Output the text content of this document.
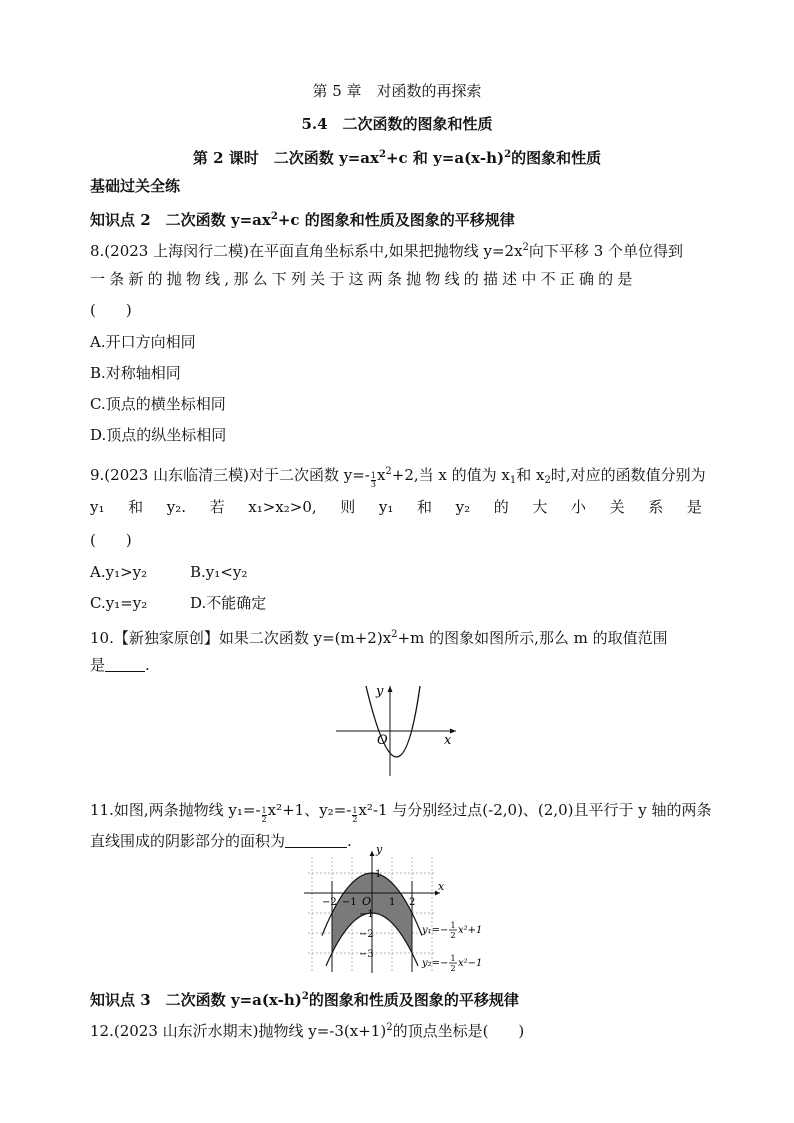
第 5 章　对函数的再探索
5.4　二次函数的图象和性质
第 2 课时　二次函数 $y=ax^2+c$ 和 $y=a(x-h)^2$的图象和性质
基础过关全练
知识点 2　二次函数 $y=ax^2+c$ 的图象和性质及图象的平移规律
8.(2023 上海闵行二模)在平面直角坐标系中,如果把抛物线 $y=2x^2$向下平移 3 个单位得到
一条新的抛物线,那么下列关于这两条抛物线的描述中不正确的是
(　　)
A.开口方向相同
B.对称轴相同
C.顶点的横坐标相同
D.顶点的纵坐标相同
9.(2023 山东临清三模)对于二次函数 $y=- \frac{1}{3} x^2+2$,当 x 的值为 $x_1$和 $x_2$时,对应的函数值分别为
y₁ 和 y₂. 若 x₁>x₂>0, 则 y₁ 和 y₂ 的 大 小 关 系 是
(　　)
A.y₁>y₂	B.y₁<y₂
C.y₁=y₂	D.不能确定
10.【新独家原创】如果二次函数 $y=(m+2)x^2+m$ 的图象如图所示,那么 m 的取值范围
是	.
y
x
O
11.如图,两条抛物线 $y_1=- \frac{1}{2} x^2+1$、$y_2=- \frac{1}{2} x^2-1$ 与分别经过点(-2,0)、(2,0)且平行于 y 轴的两条
直线围成的阴影部分的面积为	. y
x
O
−2 −1	1 2
1
−1
−2
−3
y₁=− 1
2 x²+1
y₂=− 1
2 x²−1
知识点 3　二次函数 $y=a(x-h)^2$的图象和性质及图象的平移规律
12.(2023 山东沂水期末)抛物线 $y=-3(x+1)^2$的顶点坐标是(　　)
